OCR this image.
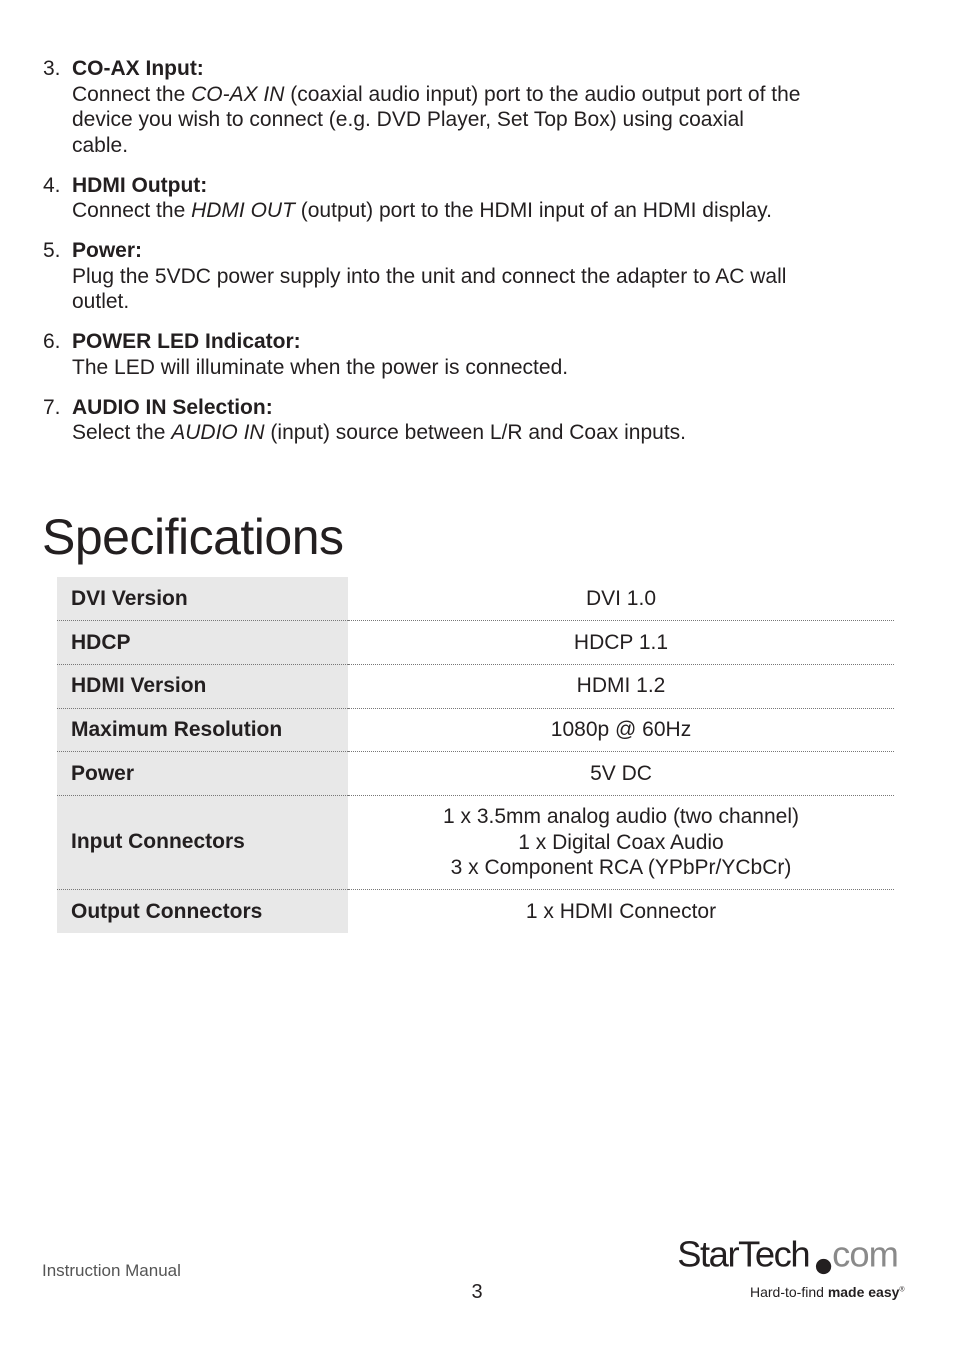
3. CO-AX Input:
Connect the CO-AX IN (coaxial audio input) port to the audio output port of the device you wish to connect (e.g. DVD Player, Set Top Box) using coaxial cable.
4. HDMI Output:
Connect the HDMI OUT (output) port to the HDMI input of an HDMI display.
5. Power:
Plug the 5VDC power supply into the unit and connect the adapter to AC wall outlet.
6. POWER LED Indicator:
The LED will illuminate when the power is connected.
7. AUDIO IN Selection:
Select the AUDIO IN (input) source between L/R and Coax inputs.
Specifications
DVI Version	DVI 1.0
HDCP	HDCP 1.1
HDMI Version	HDMI 1.2
Maximum Resolution	1080p @ 60Hz
Power	5V DC
Input Connectors	1 x 3.5mm analog audio (two channel)
1 x Digital Coax Audio
3 x Component RCA (YPbPr/YCbCr)

Output Connectors	1 x HDMI Connector
Instruction Manual
3
StarTech com
Hard-to-find made easy®
